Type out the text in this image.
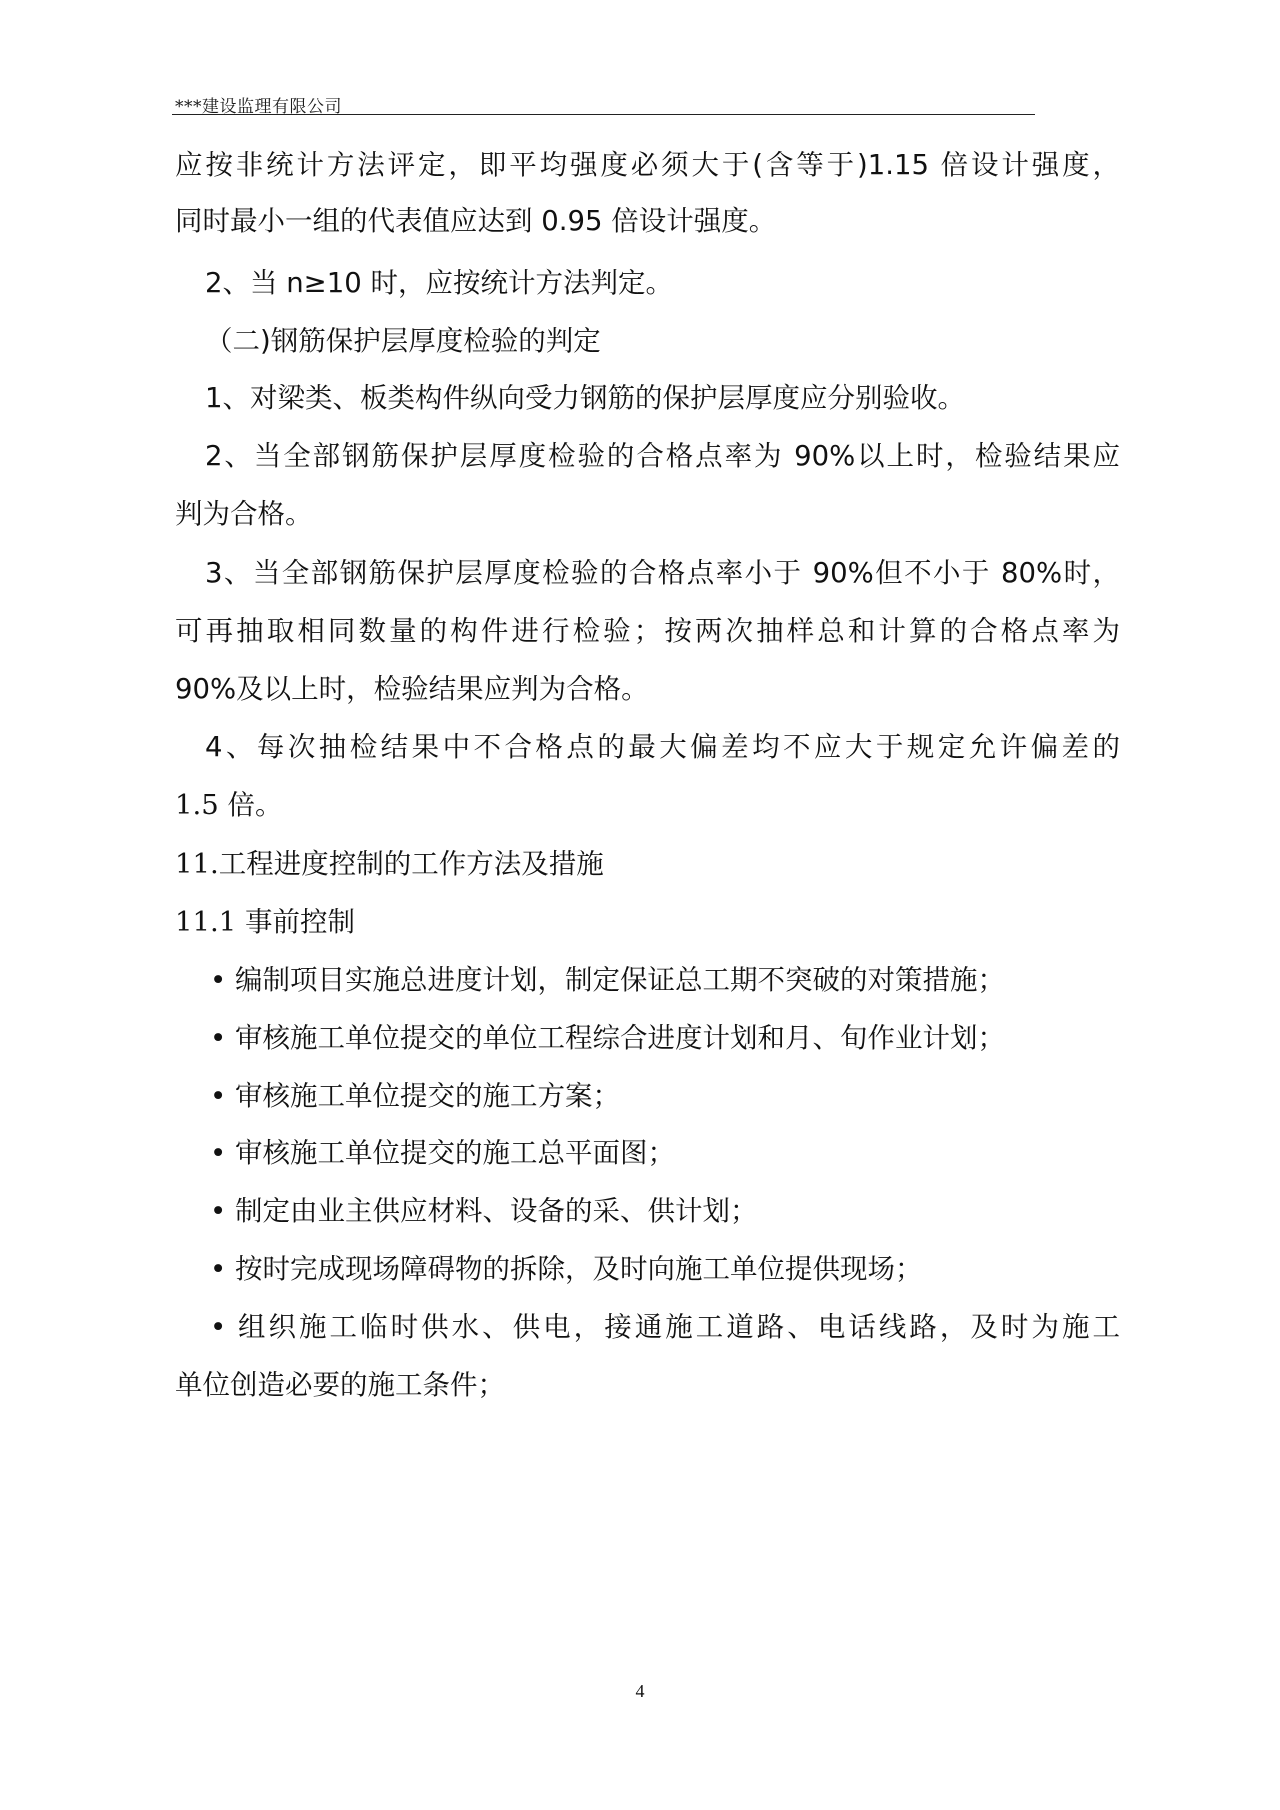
***建设监理有限公司
应按非统计方法评定，即平均强度必须大于(含等于)1.15 倍设计强度，
同时最小一组的代表值应达到 0.95 倍设计强度。
2、当 n≥10 时，应按统计方法判定。
（二)钢筋保护层厚度检验的判定
1、对梁类、板类构件纵向受力钢筋的保护层厚度应分别验收。
2、当全部钢筋保护层厚度检验的合格点率为 90%以上时，检验结果应
判为合格。
3、当全部钢筋保护层厚度检验的合格点率小于 90%但不小于 80%时，
可再抽取相同数量的构件进行检验；按两次抽样总和计算的合格点率为
90%及以上时，检验结果应判为合格。
4、每次抽检结果中不合格点的最大偏差均不应大于规定允许偏差的
1.5 倍。
11.工程进度控制的工作方法及措施
11.1 事前控制
• 编制项目实施总进度计划，制定保证总工期不突破的对策措施；
• 审核施工单位提交的单位工程综合进度计划和月、旬作业计划；
• 审核施工单位提交的施工方案；
• 审核施工单位提交的施工总平面图；
• 制定由业主供应材料、设备的采、供计划；
• 按时完成现场障碍物的拆除，及时向施工单位提供现场；
• 组织施工临时供水、供电，接通施工道路、电话线路，及时为施工
单位创造必要的施工条件；
4
